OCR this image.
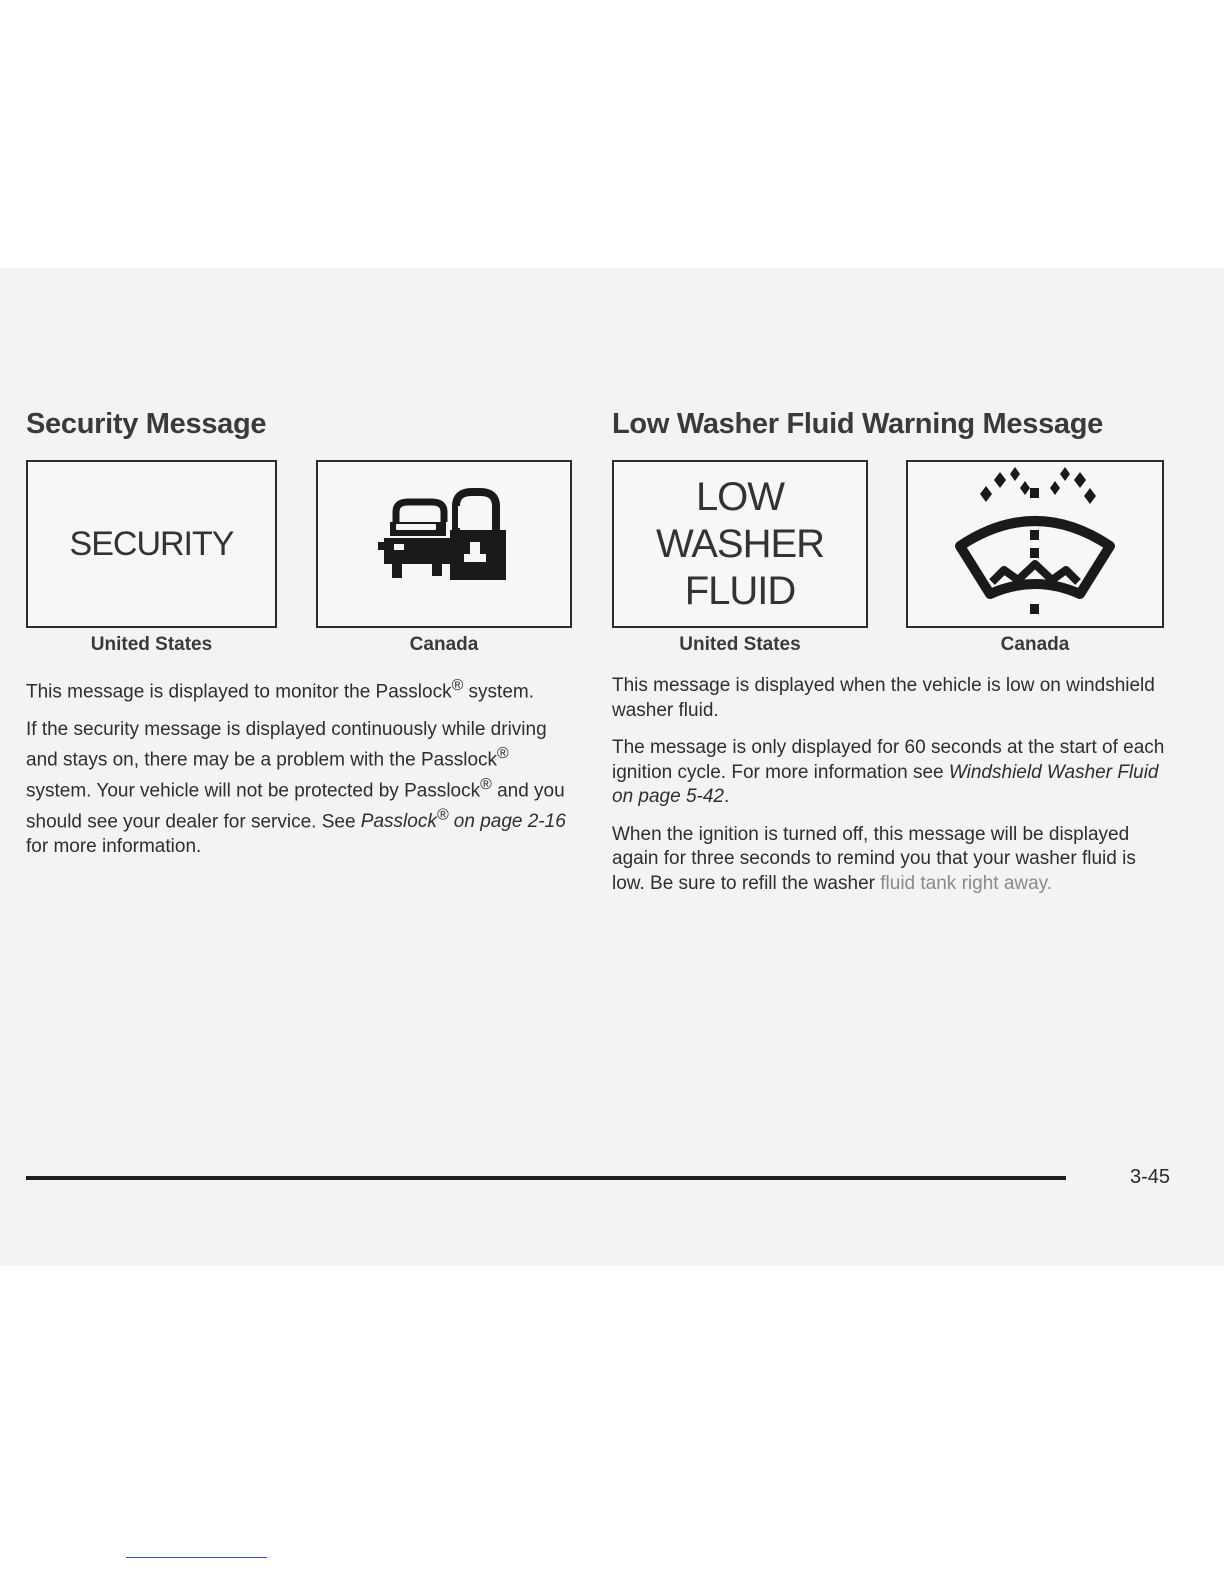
Security Message
SECURITY
United States	Canada

This message is displayed to monitor the Passlock® system.

If the security message is displayed continuously while driving and stays on, there may be a problem with the Passlock® system. Your vehicle will not be protected by Passlock® and you should see your dealer for service. See Passlock® on page 2-16 for more information.

Low Washer Fluid Warning Message
LOW
WASHER
FLUID
United States	Canada

This message is displayed when the vehicle is low on windshield washer fluid.

The message is only displayed for 60 seconds at the start of each ignition cycle. For more information see Windshield Washer Fluid on page 5-42.

When the ignition is turned off, this message will be displayed again for three seconds to remind you that your washer fluid is low. Be sure to refill the washer fluid tank right away.

3-45
